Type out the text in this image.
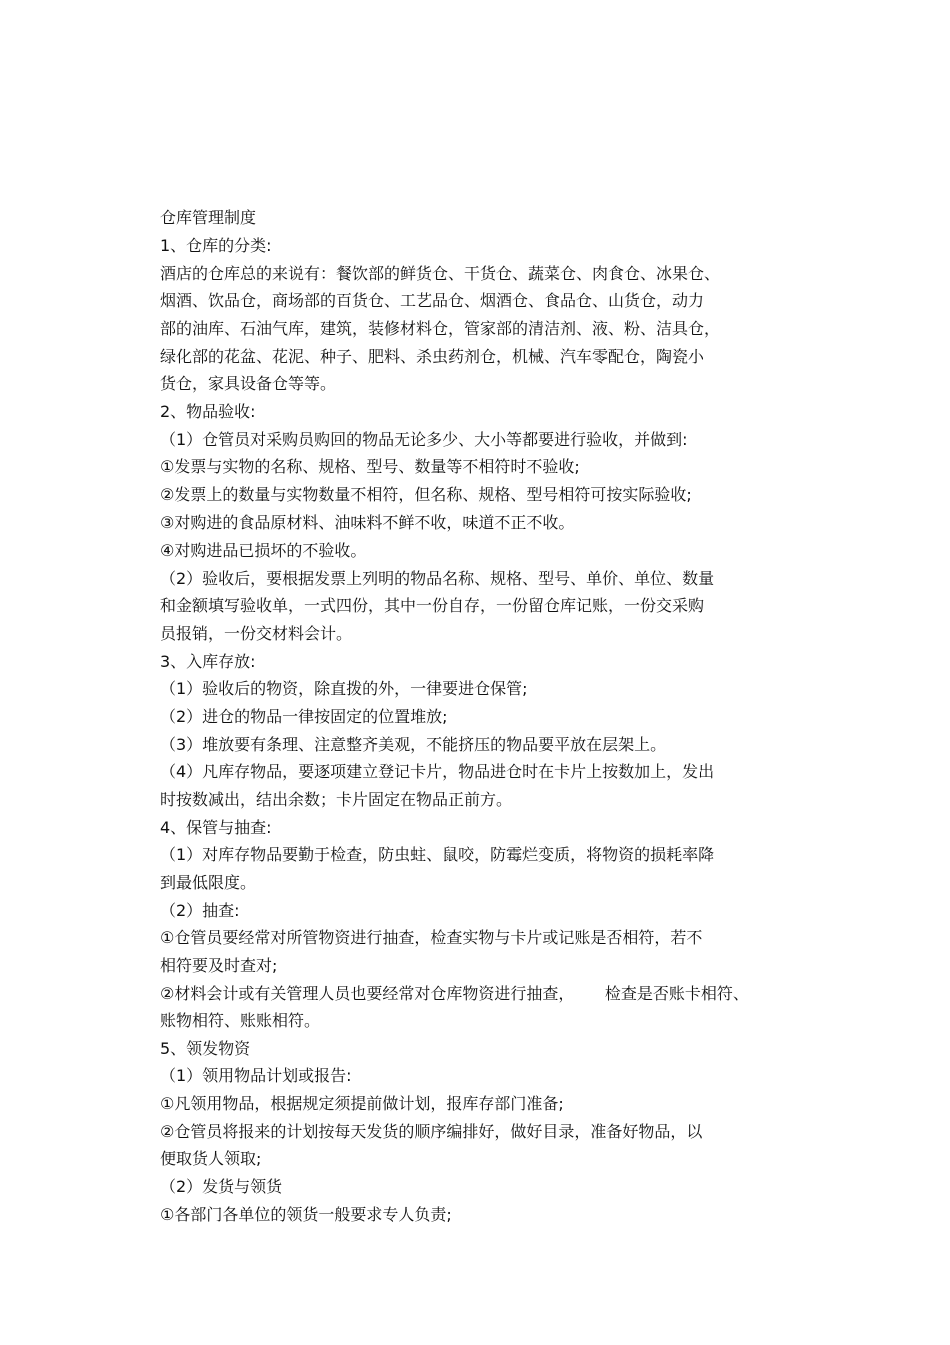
仓库管理制度
1、仓库的分类:
酒店的仓库总的来说有：餐饮部的鲜货仓、干货仓、蔬菜仓、肉食仓、冰果仓、
烟酒、饮品仓，商场部的百货仓、工艺品仓、烟酒仓、食品仓、山货仓，动力
部的油库、石油气库，建筑，装修材料仓，管家部的清洁剂、液、粉、洁具仓，
绿化部的花盆、花泥、种子、肥料、杀虫药剂仓，机械、汽车零配仓，陶瓷小
货仓，家具设备仓等等。
2、物品验收:
（1）仓管员对采购员购回的物品无论多少、大小等都要进行验收，并做到:
①发票与实物的名称、规格、型号、数量等不相符时不验收;
②发票上的数量与实物数量不相符，但名称、规格、型号相符可按实际验收;
③对购进的食品原材料、油味料不鲜不收，味道不正不收。
④对购进品已损坏的不验收。
（2）验收后，要根据发票上列明的物品名称、规格、型号、单价、单位、数量
和金额填写验收单，一式四份，其中一份自存，一份留仓库记账，一份交采购
员报销，一份交材料会计。
3、入库存放:
（1）验收后的物资，除直拨的外，一律要进仓保管;
（2）进仓的物品一律按固定的位置堆放;
（3）堆放要有条理、注意整齐美观，不能挤压的物品要平放在层架上。
（4）凡库存物品，要逐项建立登记卡片，物品进仓时在卡片上按数加上，发出
时按数减出，结出余数；卡片固定在物品正前方。
4、保管与抽查:
（1）对库存物品要勤于检查，防虫蛀、鼠咬，防霉烂变质，将物资的损耗率降
到最低限度。
（2）抽查:
①仓管员要经常对所管物资进行抽查，检查实物与卡片或记账是否相符，若不
相符要及时查对;
②材料会计或有关管理人员也要经常对仓库物资进行抽查，      检查是否账卡相符、
账物相符、账账相符。
5、领发物资
（1）领用物品计划或报告:
①凡领用物品，根据规定须提前做计划，报库存部门准备;
②仓管员将报来的计划按每天发货的顺序编排好，做好目录，准备好物品，以
便取货人领取;
（2）发货与领货
①各部门各单位的领货一般要求专人负责;
